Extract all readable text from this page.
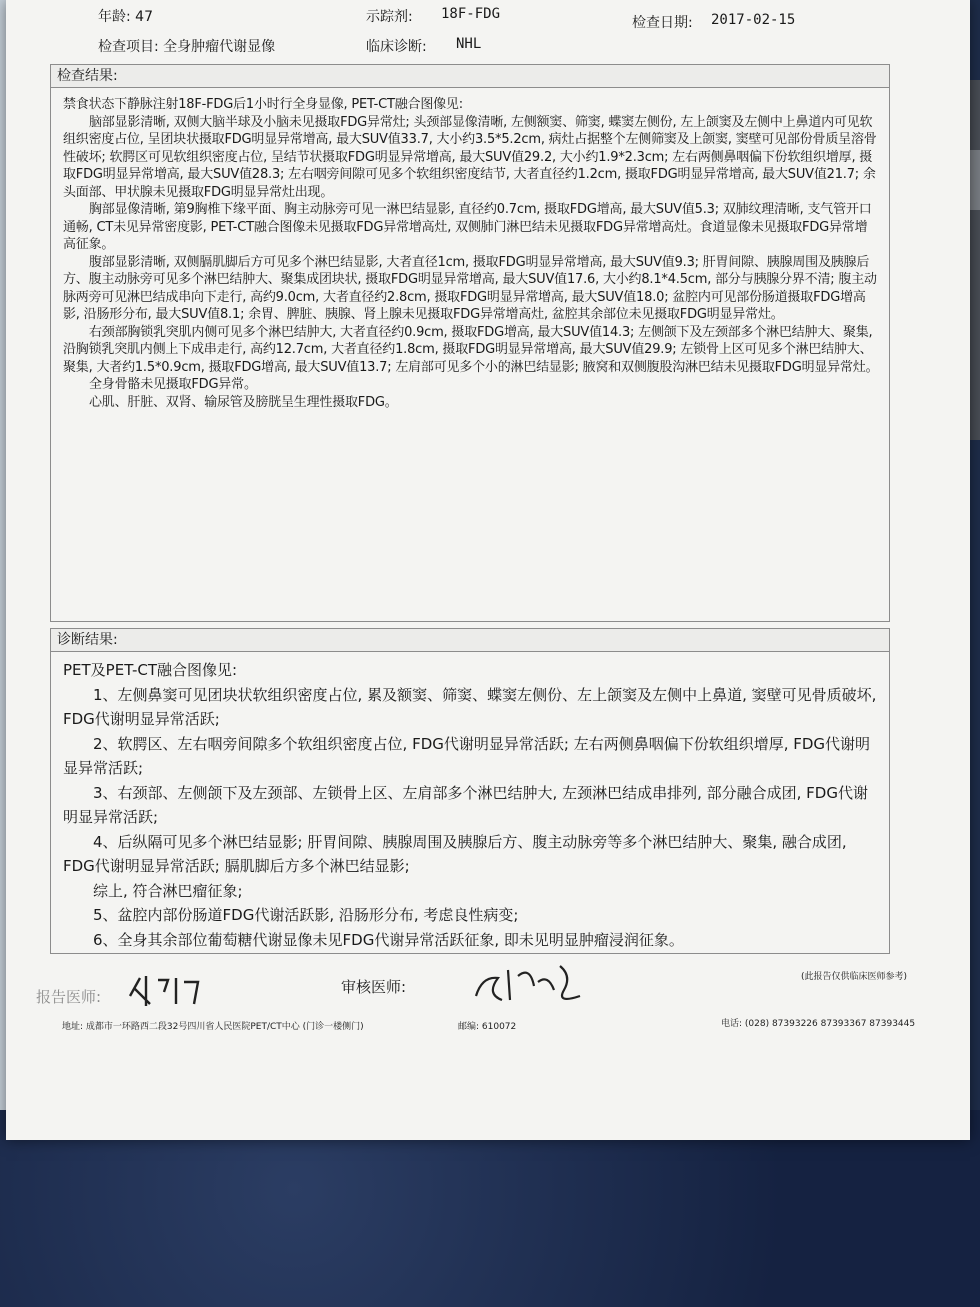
年龄: 47	示踪剂: 18F-FDG
检查日期: 2017-02-15
检查项目: 全身肿瘤代谢显像	临床诊断: NHL
检查结果:

禁食状态下静脉注射18F-FDG后1小时行全身显像, PET-CT融合图像见:

脑部显影清晰, 双侧大脑半球及小脑未见摄取FDG异常灶; 头颈部显像清晰, 左侧额窦、筛窦, 蝶窦左侧份, 左上颌窦及左侧中上鼻道内可见软组织密度占位, 呈团块状摄取FDG明显异常增高, 最大SUV值33.7, 大小约3.5*5.2cm, 病灶占据整个左侧筛窦及上颌窦, 窦壁可见部份骨质呈溶骨性破坏; 软腭区可见软组织密度占位, 呈结节状摄取FDG明显异常增高, 最大SUV值29.2, 大小约1.9*2.3cm; 左右两侧鼻咽偏下份软组织增厚, 摄取FDG明显异常增高, 最大SUV值28.3; 左右咽旁间隙可见多个软组织密度结节, 大者直径约1.2cm, 摄取FDG明显异常增高, 最大SUV值21.7; 余头面部、甲状腺未见摄取FDG明显异常灶出现。

胸部显像清晰, 第9胸椎下缘平面、胸主动脉旁可见一淋巴结显影, 直径约0.7cm, 摄取FDG增高, 最大SUV值5.3; 双肺纹理清晰, 支气管开口通畅, CT未见异常密度影, PET-CT融合图像未见摄取FDG异常增高灶, 双侧肺门淋巴结未见摄取FDG异常增高灶。食道显像未见摄取FDG异常增高征象。

腹部显影清晰, 双侧膈肌脚后方可见多个淋巴结显影, 大者直径1cm, 摄取FDG明显异常增高, 最大SUV值9.3; 肝胃间隙、胰腺周围及胰腺后方、腹主动脉旁可见多个淋巴结肿大、聚集成团块状, 摄取FDG明显异常增高, 最大SUV值17.6, 大小约8.1*4.5cm, 部分与胰腺分界不清; 腹主动脉两旁可见淋巴结成串向下走行, 高约9.0cm, 大者直径约2.8cm, 摄取FDG明显异常增高, 最大SUV值18.0; 盆腔内可见部份肠道摄取FDG增高影, 沿肠形分布, 最大SUV值8.1; 余胃、脾脏、胰腺、肾上腺未见摄取FDG异常增高灶, 盆腔其余部位未见摄取FDG明显异常灶。

右颈部胸锁乳突肌内侧可见多个淋巴结肿大, 大者直径约0.9cm, 摄取FDG增高, 最大SUV值14.3; 左侧颌下及左颈部多个淋巴结肿大、聚集, 沿胸锁乳突肌内侧上下成串走行, 高约12.7cm, 大者直径约1.8cm, 摄取FDG明显异常增高, 最大SUV值29.9; 左锁骨上区可见多个淋巴结肿大、聚集, 大者约1.5*0.9cm, 摄取FDG增高, 最大SUV值13.7; 左肩部可见多个小的淋巴结显影; 腋窝和双侧腹股沟淋巴结未见摄取FDG明显异常灶。

全身骨骼未见摄取FDG异常。

心肌、肝脏、双肾、输尿管及膀胱呈生理性摄取FDG。

诊断结果:

PET及PET-CT融合图像见:

1、左侧鼻窦可见团块状软组织密度占位, 累及额窦、筛窦、蝶窦左侧份、左上颌窦及左侧中上鼻道, 窦壁可见骨质破坏, FDG代谢明显异常活跃;

2、软腭区、左右咽旁间隙多个软组织密度占位, FDG代谢明显异常活跃; 左右两侧鼻咽偏下份软组织增厚, FDG代谢明显异常活跃;

3、右颈部、左侧颌下及左颈部、左锁骨上区、左肩部多个淋巴结肿大, 左颈淋巴结成串排列, 部分融合成团, FDG代谢明显异常活跃;

4、后纵隔可见多个淋巴结显影; 肝胃间隙、胰腺周围及胰腺后方、腹主动脉旁等多个淋巴结肿大、聚集, 融合成团, FDG代谢明显异常活跃; 膈肌脚后方多个淋巴结显影;

综上, 符合淋巴瘤征象;

5、盆腔内部份肠道FDG代谢活跃影, 沿肠形分布, 考虑良性病变;

6、全身其余部位葡萄糖代谢显像未见FDG代谢异常活跃征象, 即未见明显肿瘤浸润征象。

报告医师:
审核医师:
(此报告仅供临床医师参考)
地址: 成都市一环路西二段32号四川省人民医院PET/CT中心 (门诊一楼侧门)	邮编: 610072	电话: (028) 87393226 87393367 87393445
